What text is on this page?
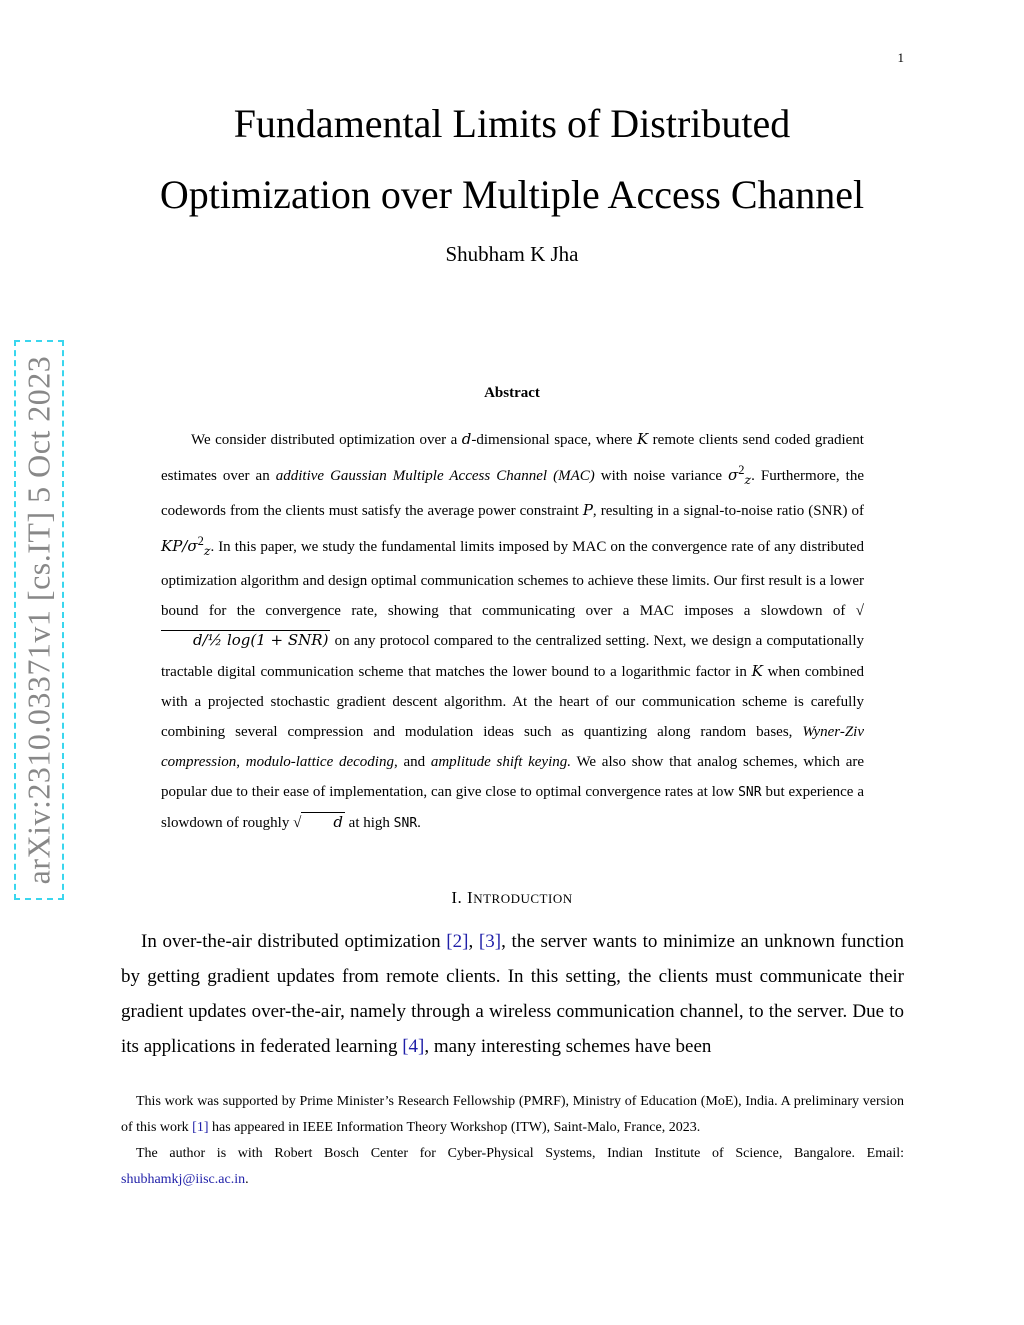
1
arXiv:2310.03371v1 [cs.IT] 5 Oct 2023
Fundamental Limits of Distributed
Optimization over Multiple Access Channel
Shubham K Jha
Abstract

We consider distributed optimization over a d-dimensional space, where K remote clients send coded gradient estimates over an additive Gaussian Multiple Access Channel (MAC) with noise variance $\sigma^2_z$. Furthermore, the codewords from the clients must satisfy the average power constraint P, resulting in a signal-to-noise ratio (SNR) of $KP/\sigma^2_z$. In this paper, we study the fundamental limits imposed by MAC on the convergence rate of any distributed optimization algorithm and design optimal communication schemes to achieve these limits. Our first result is a lower bound for the convergence rate, showing that communicating over a MAC imposes a slowdown of √d/½ log(1 + SNR) on any protocol compared to the centralized setting. Next, we design a computationally tractable digital communication scheme that matches the lower bound to a logarithmic factor in K when combined with a projected stochastic gradient descent algorithm. At the heart of our communication scheme is carefully combining several compression and modulation ideas such as quantizing along random bases, Wyner-Ziv compression, modulo-lattice decoding, and amplitude shift keying. We also show that analog schemes, which are popular due to their ease of implementation, can give close to optimal convergence rates at low SNR but experience a slowdown of roughly √ d at high SNR.

I. INTRODUCTION

In over-the-air distributed optimization [2], [3], the server wants to minimize an unknown function by getting gradient updates from remote clients. In this setting, the clients must communicate their gradient updates over-the-air, namely through a wireless communication channel, to the server. Due to its applications in federated learning [4], many interesting schemes have been

This work was supported by Prime Minister’s Research Fellowship (PMRF), Ministry of Education (MoE), India. A preliminary version of this work [1] has appeared in IEEE Information Theory Workshop (ITW), Saint-Malo, France, 2023.

The author is with Robert Bosch Center for Cyber-Physical Systems, Indian Institute of Science, Bangalore. Email: shubhamkj@iisc.ac.in.
